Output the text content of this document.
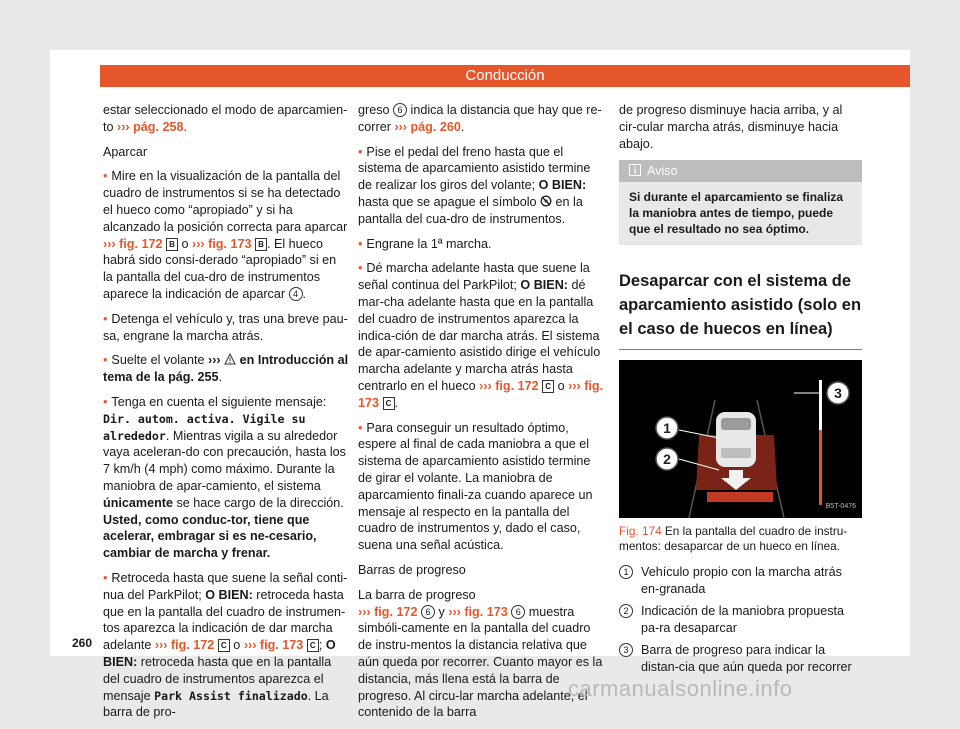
Conducción

estar seleccionado el modo de aparcamien-to ››› pág. 258.

Aparcar

• Mire en la visualización de la pantalla del cuadro de instrumentos si se ha detectado el hueco como “apropiado” y si ha alcanzado la posición correcta para aparcar ››› fig. 172 B o ››› fig. 173 B . El hueco habrá sido consi-derado “apropiado” si en la pantalla del cua-dro de instrumentos aparece la indicación de aparcar 4 .

• Detenga el vehículo y, tras una breve pau-sa, engrane la marcha atrás.

• Suelte el volante ›››  en Introducción al tema de la pág. 255.

• Tenga en cuenta el siguiente mensaje: Dir. autom. activa. Vigile su alrededor. Mientras vigila a su alrededor vaya aceleran-do con precaución, hasta los 7 km/h (4 mph) como máximo. Durante la maniobra de apar-camiento, el sistema únicamente se hace cargo de la dirección. Usted, como conduc-tor, tiene que acelerar, embragar si es ne-cesario, cambiar de marcha y frenar.

• Retroceda hasta que suene la señal conti-nua del ParkPilot; O BIEN: retroceda hasta que en la pantalla del cuadro de instrumen-tos aparezca la indicación de dar marcha adelante ››› fig. 172 C o ››› fig. 173 C ; O BIEN: retroceda hasta que en la pantalla del cuadro de instrumentos aparezca el mensaje Park Assist finalizado. La barra de pro-

greso 6 indica la distancia que hay que re-correr ››› pág. 260.

• Pise el pedal del freno hasta que el sistema de aparcamiento asistido termine de realizar los giros del volante; O BIEN: hasta que se apague el símbolo  en la pantalla del cua-dro de instrumentos.

• Engrane la 1ª marcha.

• Dé marcha adelante hasta que suene la señal continua del ParkPilot; O BIEN: dé mar-cha adelante hasta que en la pantalla del cuadro de instrumentos aparezca la indica-ción de dar marcha atrás. El sistema de apar-camiento asistido dirige el vehículo marcha adelante y marcha atrás hasta centrarlo en el hueco ››› fig. 172 C o ››› fig. 173 C .

• Para conseguir un resultado óptimo, espere al final de cada maniobra a que el sistema de aparcamiento asistido termine de girar el volante. La maniobra de aparcamiento finali-za cuando aparece un mensaje al respecto en la pantalla del cuadro de instrumentos y, dado el caso, suena una señal acústica.

Barras de progreso

La barra de progreso
››› fig. 172 6 y ››› fig. 173 6 muestra simbóli-camente en la pantalla del cuadro de instru-mentos la distancia relativa que aún queda por recorrer. Cuanto mayor es la distancia, más llena está la barra de progreso. Al circu-lar marcha adelante, el contenido de la barra

de progreso disminuye hacia arriba, y al cir-cular marcha atrás, disminuye hacia abajo.

Aviso
Si durante el aparcamiento se finaliza la maniobra antes de tiempo, puede que el resultado no sea óptimo.
Desaparcar con el sistema de aparcamiento asistido (solo en el caso de huecos en línea)
1
2
3
B5T-0476
Fig. 174 En la pantalla del cuadro de instru-mentos: desaparcar de un hueco en línea.
1 Vehículo propio con la marcha atrás en-granada
2 Indicación de la maniobra propuesta pa-ra desaparcar
3 Barra de progreso para indicar la distan-cia que aún queda por recorrer
260
carmanualsonline.info
